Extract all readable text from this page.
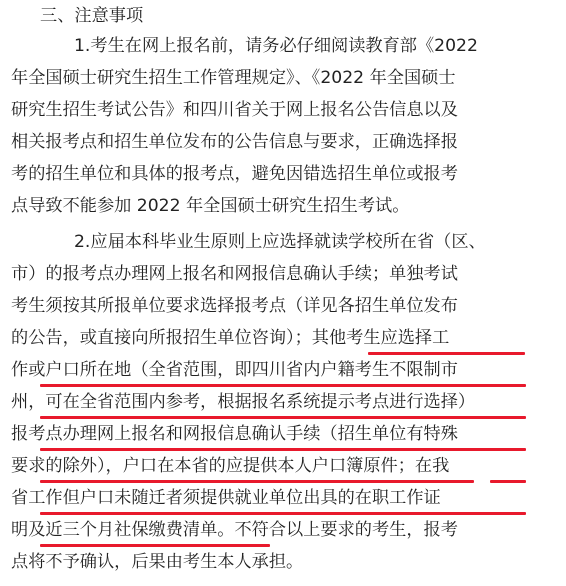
三、注意事项
1.考生在网上报名前，请务必仔细阅读教育部《2022
年全国硕士研究生招生工作管理规定》、《2022 年全国硕士
研究生招生考试公告》和四川省关于网上报名公告信息以及
相关报考点和招生单位发布的公告信息与要求，正确选择报
考的招生单位和具体的报考点，避免因错选招生单位或报考
点导致不能参加 2022 年全国硕士研究生招生考试。
2.应届本科毕业生原则上应选择就读学校所在省（区、
市）的报考点办理网上报名和网报信息确认手续；单独考试
考生须按其所报单位要求选择报考点（详见各招生单位发布
的公告，或直接向所报招生单位咨询）；其他考生应选择工
作或户口所在地（全省范围，即四川省内户籍考生不限制市
州，可在全省范围内参考，根据报名系统提示考点进行选择）
报考点办理网上报名和网报信息确认手续（招生单位有特殊
要求的除外），户口在本省的应提供本人户口簿原件；在我
省工作但户口未随迁者须提供就业单位出具的在职工作证
明及近三个月社保缴费清单。不符合以上要求的考生，报考
点将不予确认，后果由考生本人承担。
